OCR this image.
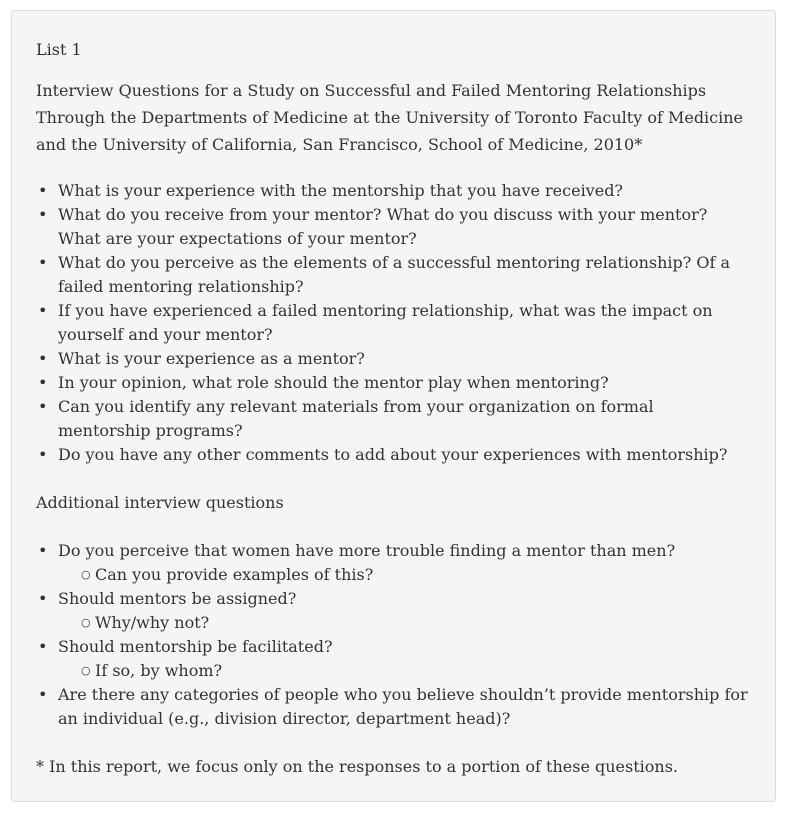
List 1
Interview Questions for a Study on Successful and Failed Mentoring Relationships Through the Departments of Medicine at the University of Toronto Faculty of Medicine and the University of California, San Francisco, School of Medicine, 2010*
• What is your experience with the mentorship that you have received?
• What do you receive from your mentor? What do you discuss with your mentor? What are your expectations of your mentor?
• What do you perceive as the elements of a successful mentoring relationship? Of a failed mentoring relationship?
• If you have experienced a failed mentoring relationship, what was the impact on yourself and your mentor?
• What is your experience as a mentor?
• In your opinion, what role should the mentor play when mentoring?
• Can you identify any relevant materials from your organization on formal mentorship programs?
• Do you have any other comments to add about your experiences with mentorship?
Additional interview questions
• Do you perceive that women have more trouble finding a mentor than men?
○ Can you provide examples of this?
• Should mentors be assigned?
○ Why/why not?
• Should mentorship be facilitated?
○ If so, by whom?
• Are there any categories of people who you believe shouldn’t provide mentorship for an individual (e.g., division director, department head)?
* In this report, we focus only on the responses to a portion of these questions.
